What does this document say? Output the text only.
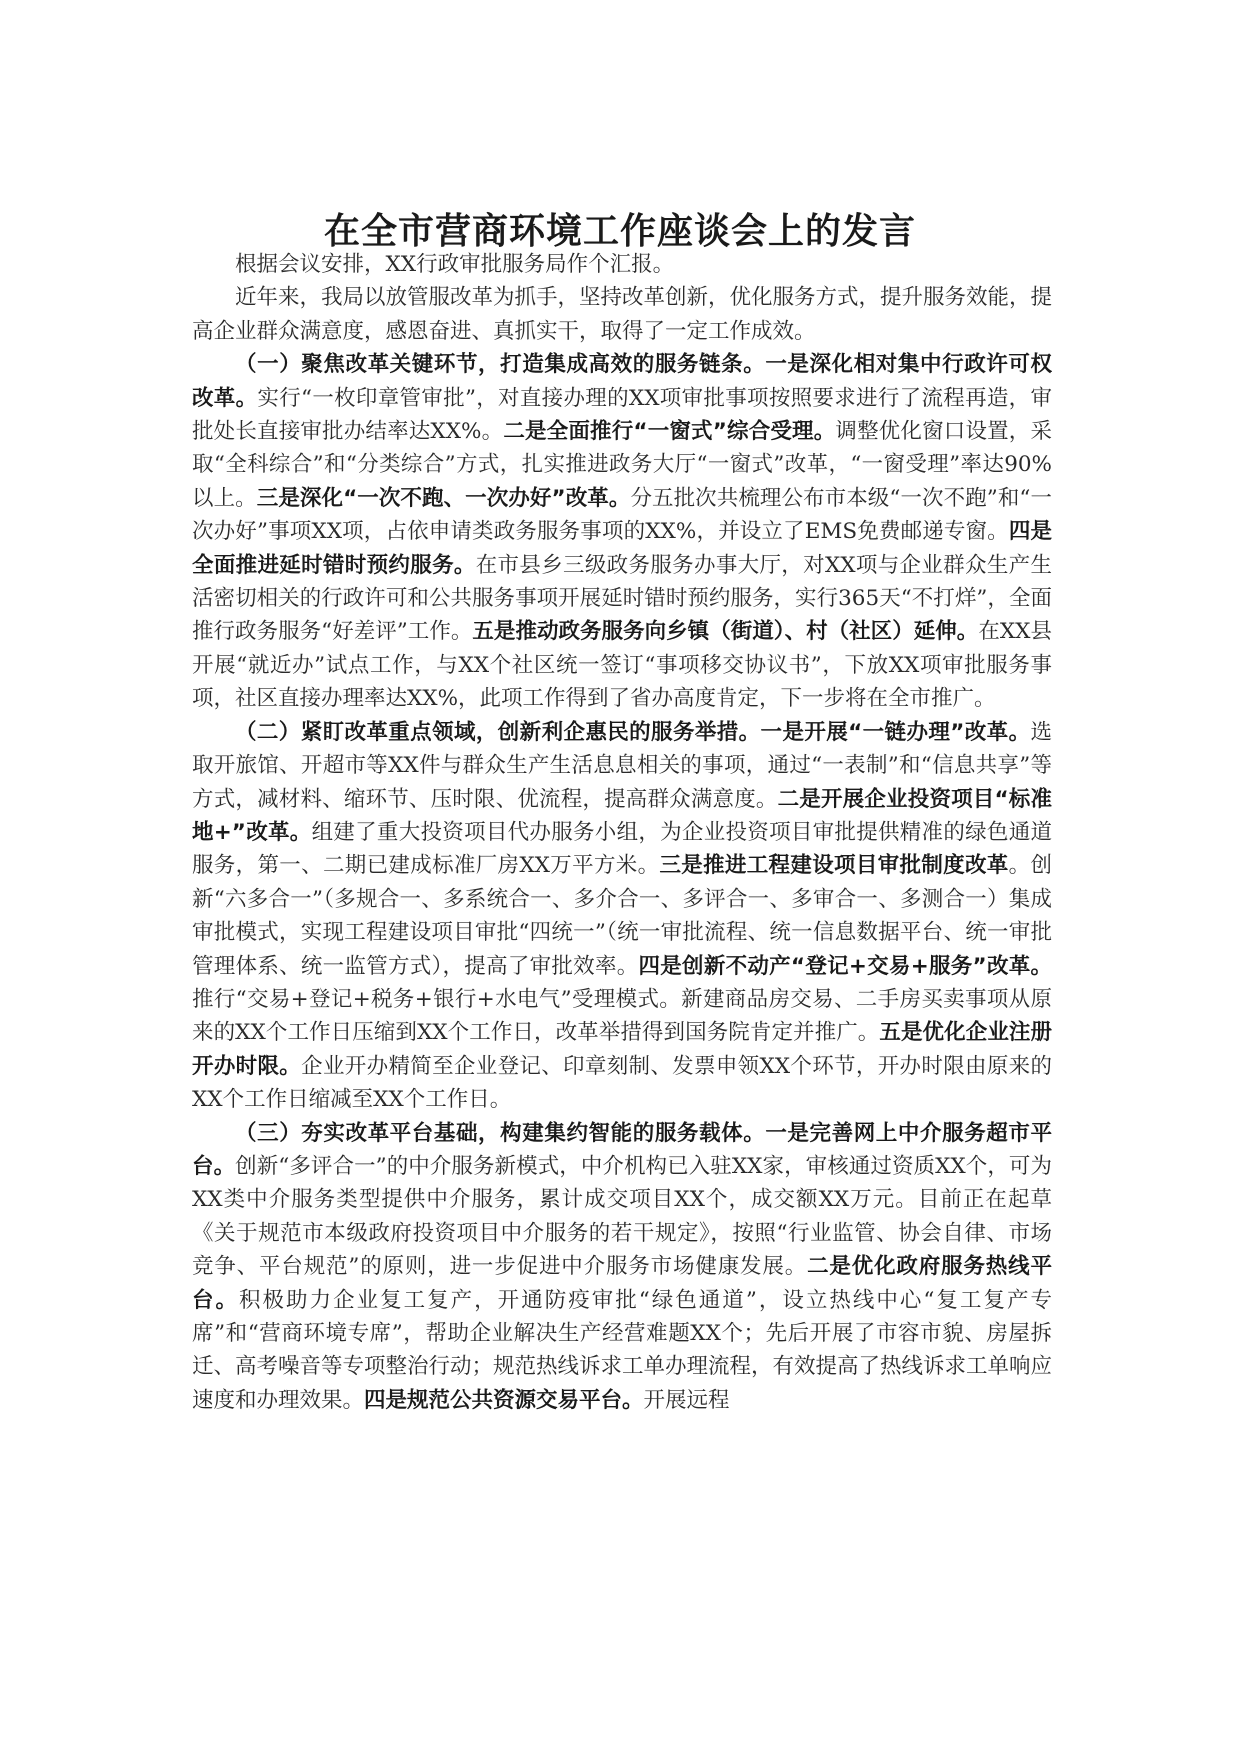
在全市营商环境工作座谈会上的发言

根据会议安排，XX行政审批服务局作个汇报。

近年来，我局以放管服改革为抓手，坚持改革创新，优化服务方式，提升服务效能，提高企业群众满意度，感恩奋进、真抓实干，取得了一定工作成效。

（一）聚焦改革关键环节，打造集成高效的服务链条。一是深化相对集中行政许可权改革。实行“一枚印章管审批”，对直接办理的XX项审批事项按照要求进行了流程再造，审批处长直接审批办结率达XX%。二是全面推行“一窗式”综合受理。调整优化窗口设置，采取“全科综合”和“分类综合”方式，扎实推进政务大厅“一窗式”改革，“一窗受理”率达90%以上。三是深化“一次不跑、一次办好”改革。分五批次共梳理公布市本级“一次不跑”和“一次办好”事项XX项，占依申请类政务服务事项的XX%，并设立了EMS免费邮递专窗。四是全面推进延时错时预约服务。在市县乡三级政务服务办事大厅，对XX项与企业群众生产生活密切相关的行政许可和公共服务事项开展延时错时预约服务，实行365天“不打烊”，全面推行政务服务“好差评”工作。五是推动政务服务向乡镇（街道）、村（社区）延伸。在XX县开展“就近办”试点工作，与XX个社区统一签订“事项移交协议书”，下放XX项审批服务事项，社区直接办理率达XX%，此项工作得到了省办高度肯定，下一步将在全市推广。

（二）紧盯改革重点领域，创新利企惠民的服务举措。一是开展“一链办理”改革。选取开旅馆、开超市等XX件与群众生产生活息息相关的事项，通过“一表制”和“信息共享”等方式，减材料、缩环节、压时限、优流程，提高群众满意度。二是开展企业投资项目“标准地+”改革。组建了重大投资项目代办服务小组，为企业投资项目审批提供精准的绿色通道服务，第一、二期已建成标准厂房XX万平方米。三是推进工程建设项目审批制度改革。创新“六多合一”（多规合一、多系统合一、多介合一、多评合一、多审合一、多测合一）集成审批模式，实现工程建设项目审批“四统一”（统一审批流程、统一信息数据平台、统一审批管理体系、统一监管方式），提高了审批效率。四是创新不动产“登记+交易+服务”改革。推行“交易+登记+税务+银行+水电气”受理模式。新建商品房交易、二手房买卖事项从原来的XX个工作日压缩到XX个工作日，改革举措得到国务院肯定并推广。五是优化企业注册开办时限。企业开办精简至企业登记、印章刻制、发票申领XX个环节，开办时限由原来的XX个工作日缩减至XX个工作日。

（三）夯实改革平台基础，构建集约智能的服务载体。一是完善网上中介服务超市平台。创新“多评合一”的中介服务新模式，中介机构已入驻XX家，审核通过资质XX个，可为 XX类中介服务类型提供中介服务，累计成交项目XX个，成交额XX万元。目前正在起草《关于规范市本级政府投资项目中介服务的若干规定》，按照“行业监管、协会自律、市场竞争、平台规范”的原则，进一步促进中介服务市场健康发展。二是优化政府服务热线平台。积极助力企业复工复产，开通防疫审批“绿色通道”，设立热线中心“复工复产专席”和“营商环境专席”，帮助企业解决生产经营难题XX个；先后开展了市容市貌、房屋拆迁、高考噪音等专项整治行动；规范热线诉求工单办理流程，有效提高了热线诉求工单响应速度和办理效果。四是规范公共资源交易平台。开展远程
